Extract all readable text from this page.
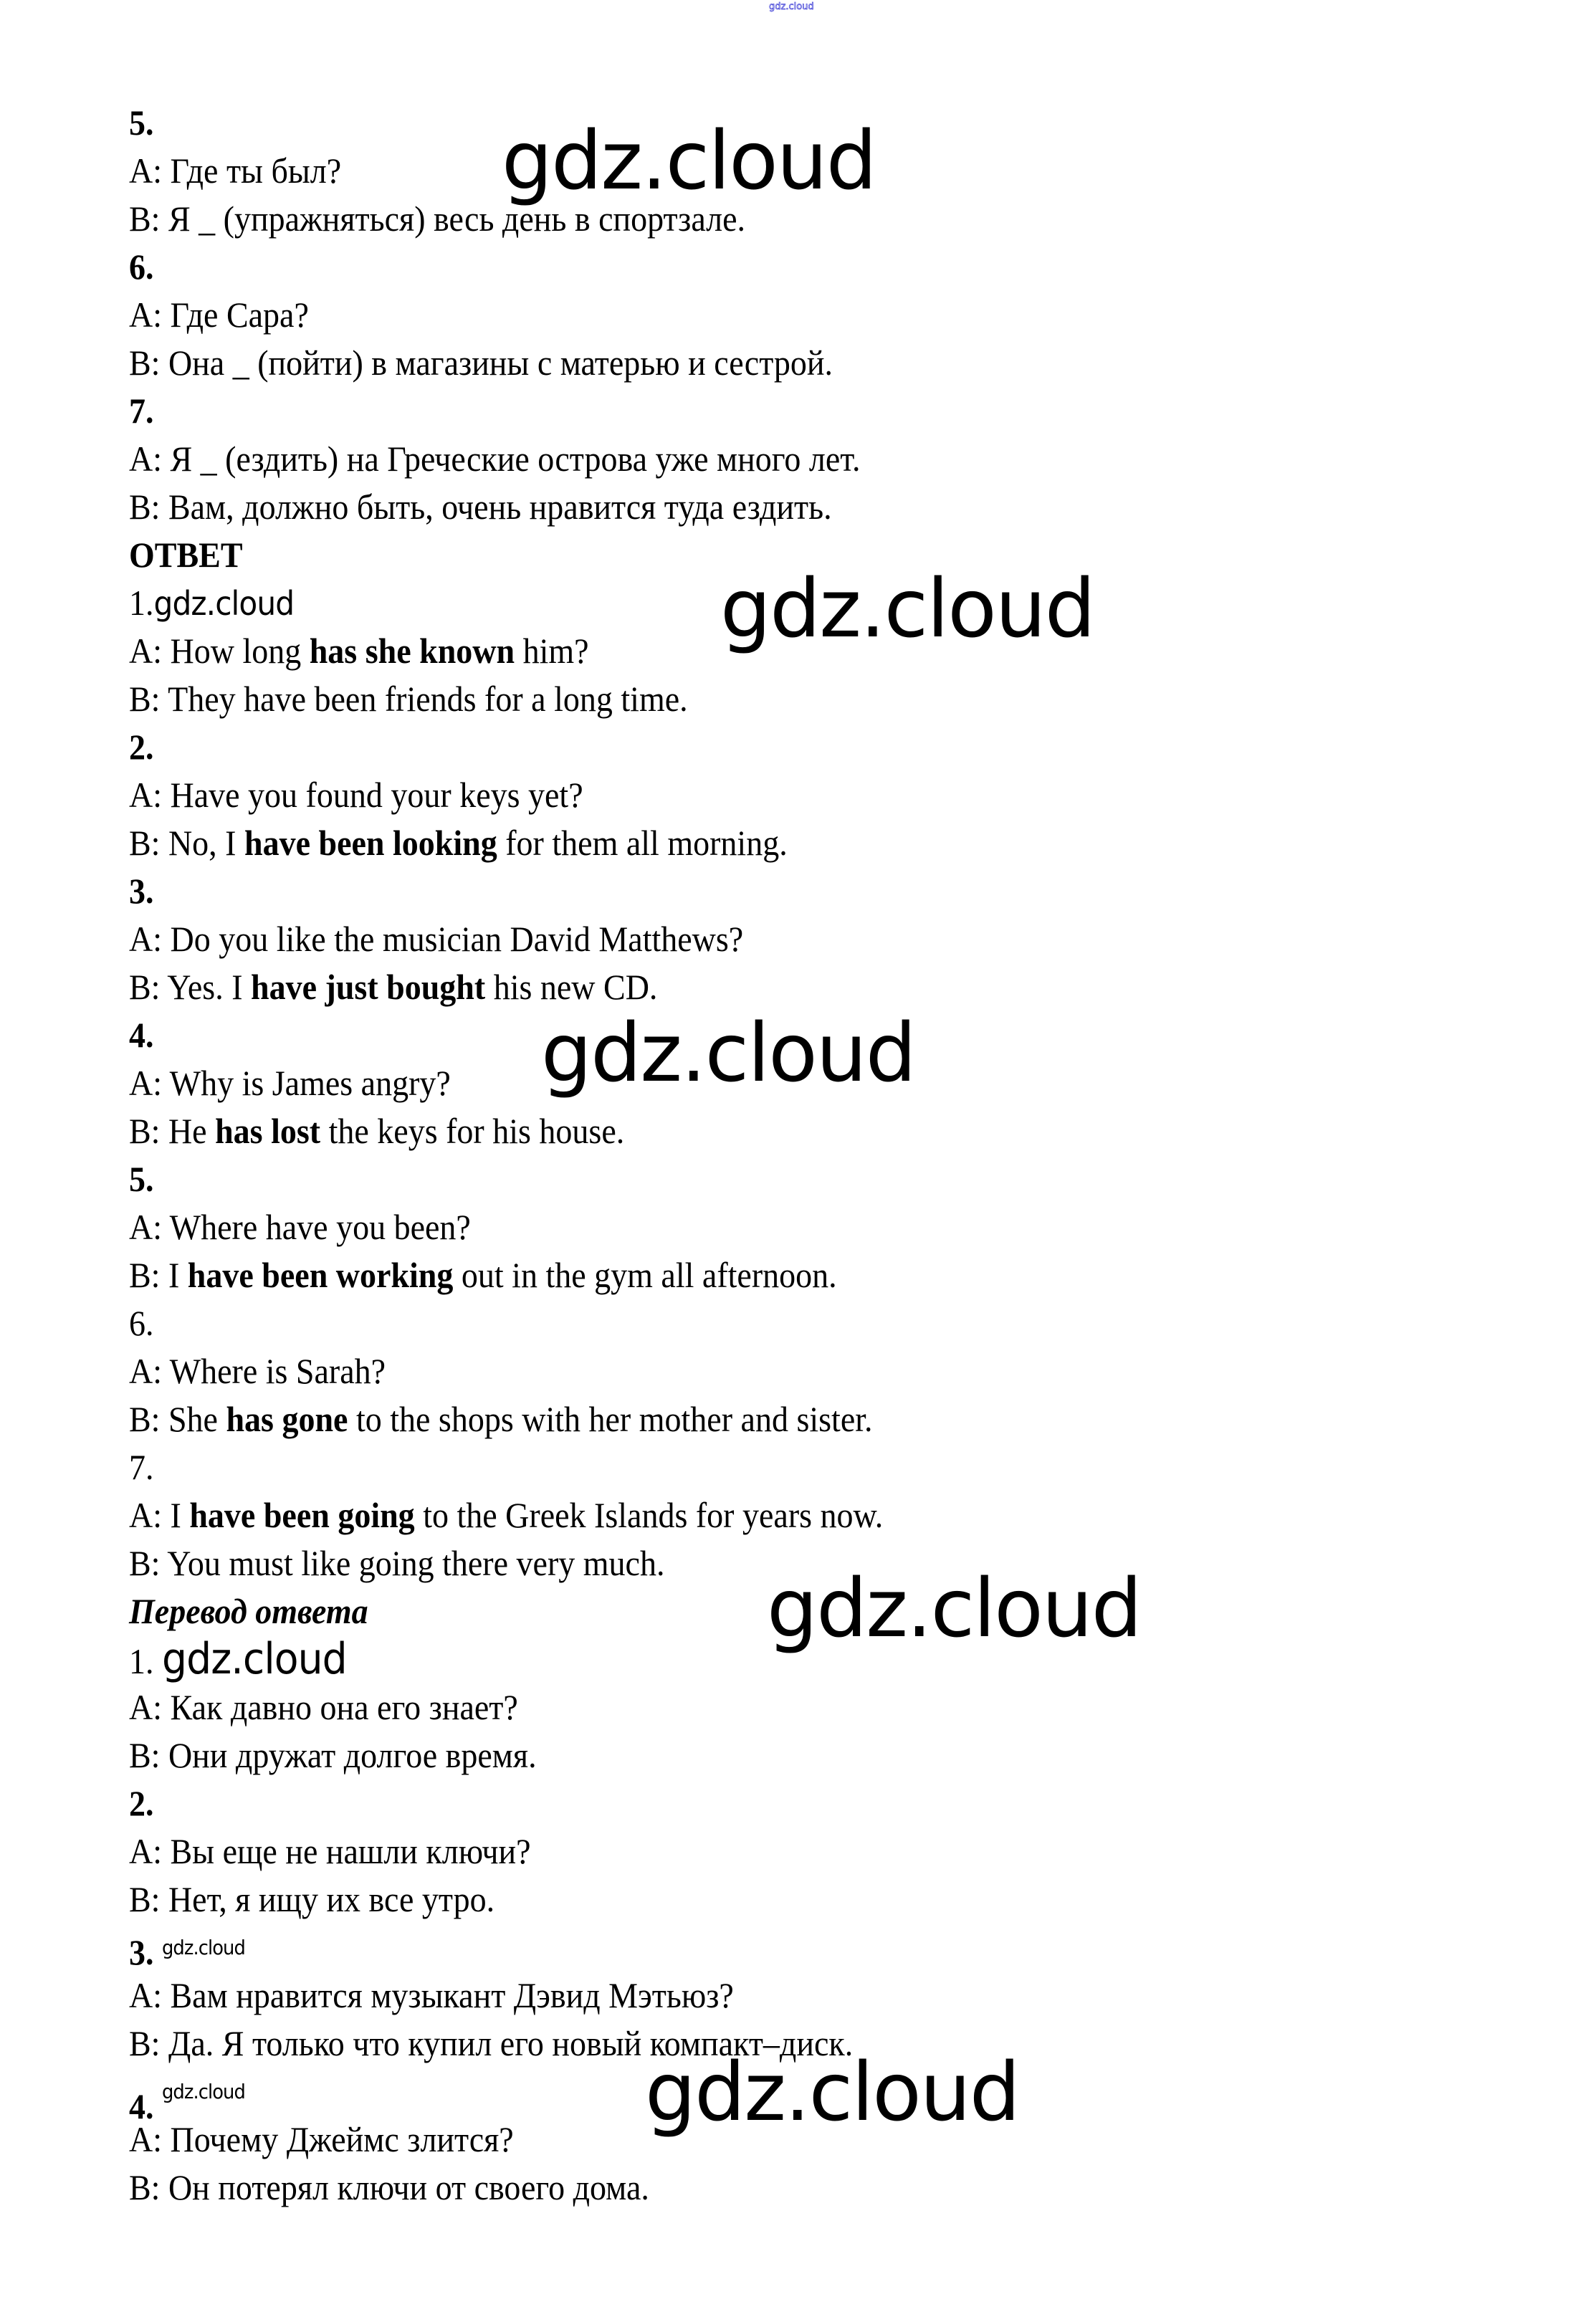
gdz.cloud
5.
A: Где ты был?
B: Я _ (упражняться) весь день в спортзале.
6.
A: Где Сара?
B: Она _ (пойти) в магазины с матерью и сестрой.
7.
A: Я _ (ездить) на Греческие острова уже много лет.
B: Вам, должно быть, очень нравится туда ездить.
ОТВЕТ
1.gdz.cloud
A: How long has she known him?
B: They have been friends for a long time.
2.
A: Have you found your keys yet?
B: No, I have been looking for them all morning.
3.
A: Do you like the musician David Matthews?
B: Yes. I have just bought his new CD.
4.
A: Why is James angry?
B: He has lost the keys for his house.
5.
A: Where have you been?
B: I have been working out in the gym all afternoon.
6.
A: Where is Sarah?
B: She has gone to the shops with her mother and sister.
7.
A: I have been going to the Greek Islands for years now.
B: You must like going there very much.
Перевод ответа
1. gdz.cloud
A: Как давно она его знает?
B: Они дружат долгое время.
2.
A: Вы еще не нашли ключи?
B: Нет, я ищу их все утро.
3. $^{gdz.cloud}$
A: Вам нравится музыкант Дэвид Мэтьюз?
B: Да. Я только что купил его новый компакт–диск.
4. $^{gdz.cloud}$
A: Почему Джеймс злится?
B: Он потерял ключи от своего дома.
gdz.cloud
gdz.cloud
gdz.cloud
gdz.cloud
gdz.cloud
